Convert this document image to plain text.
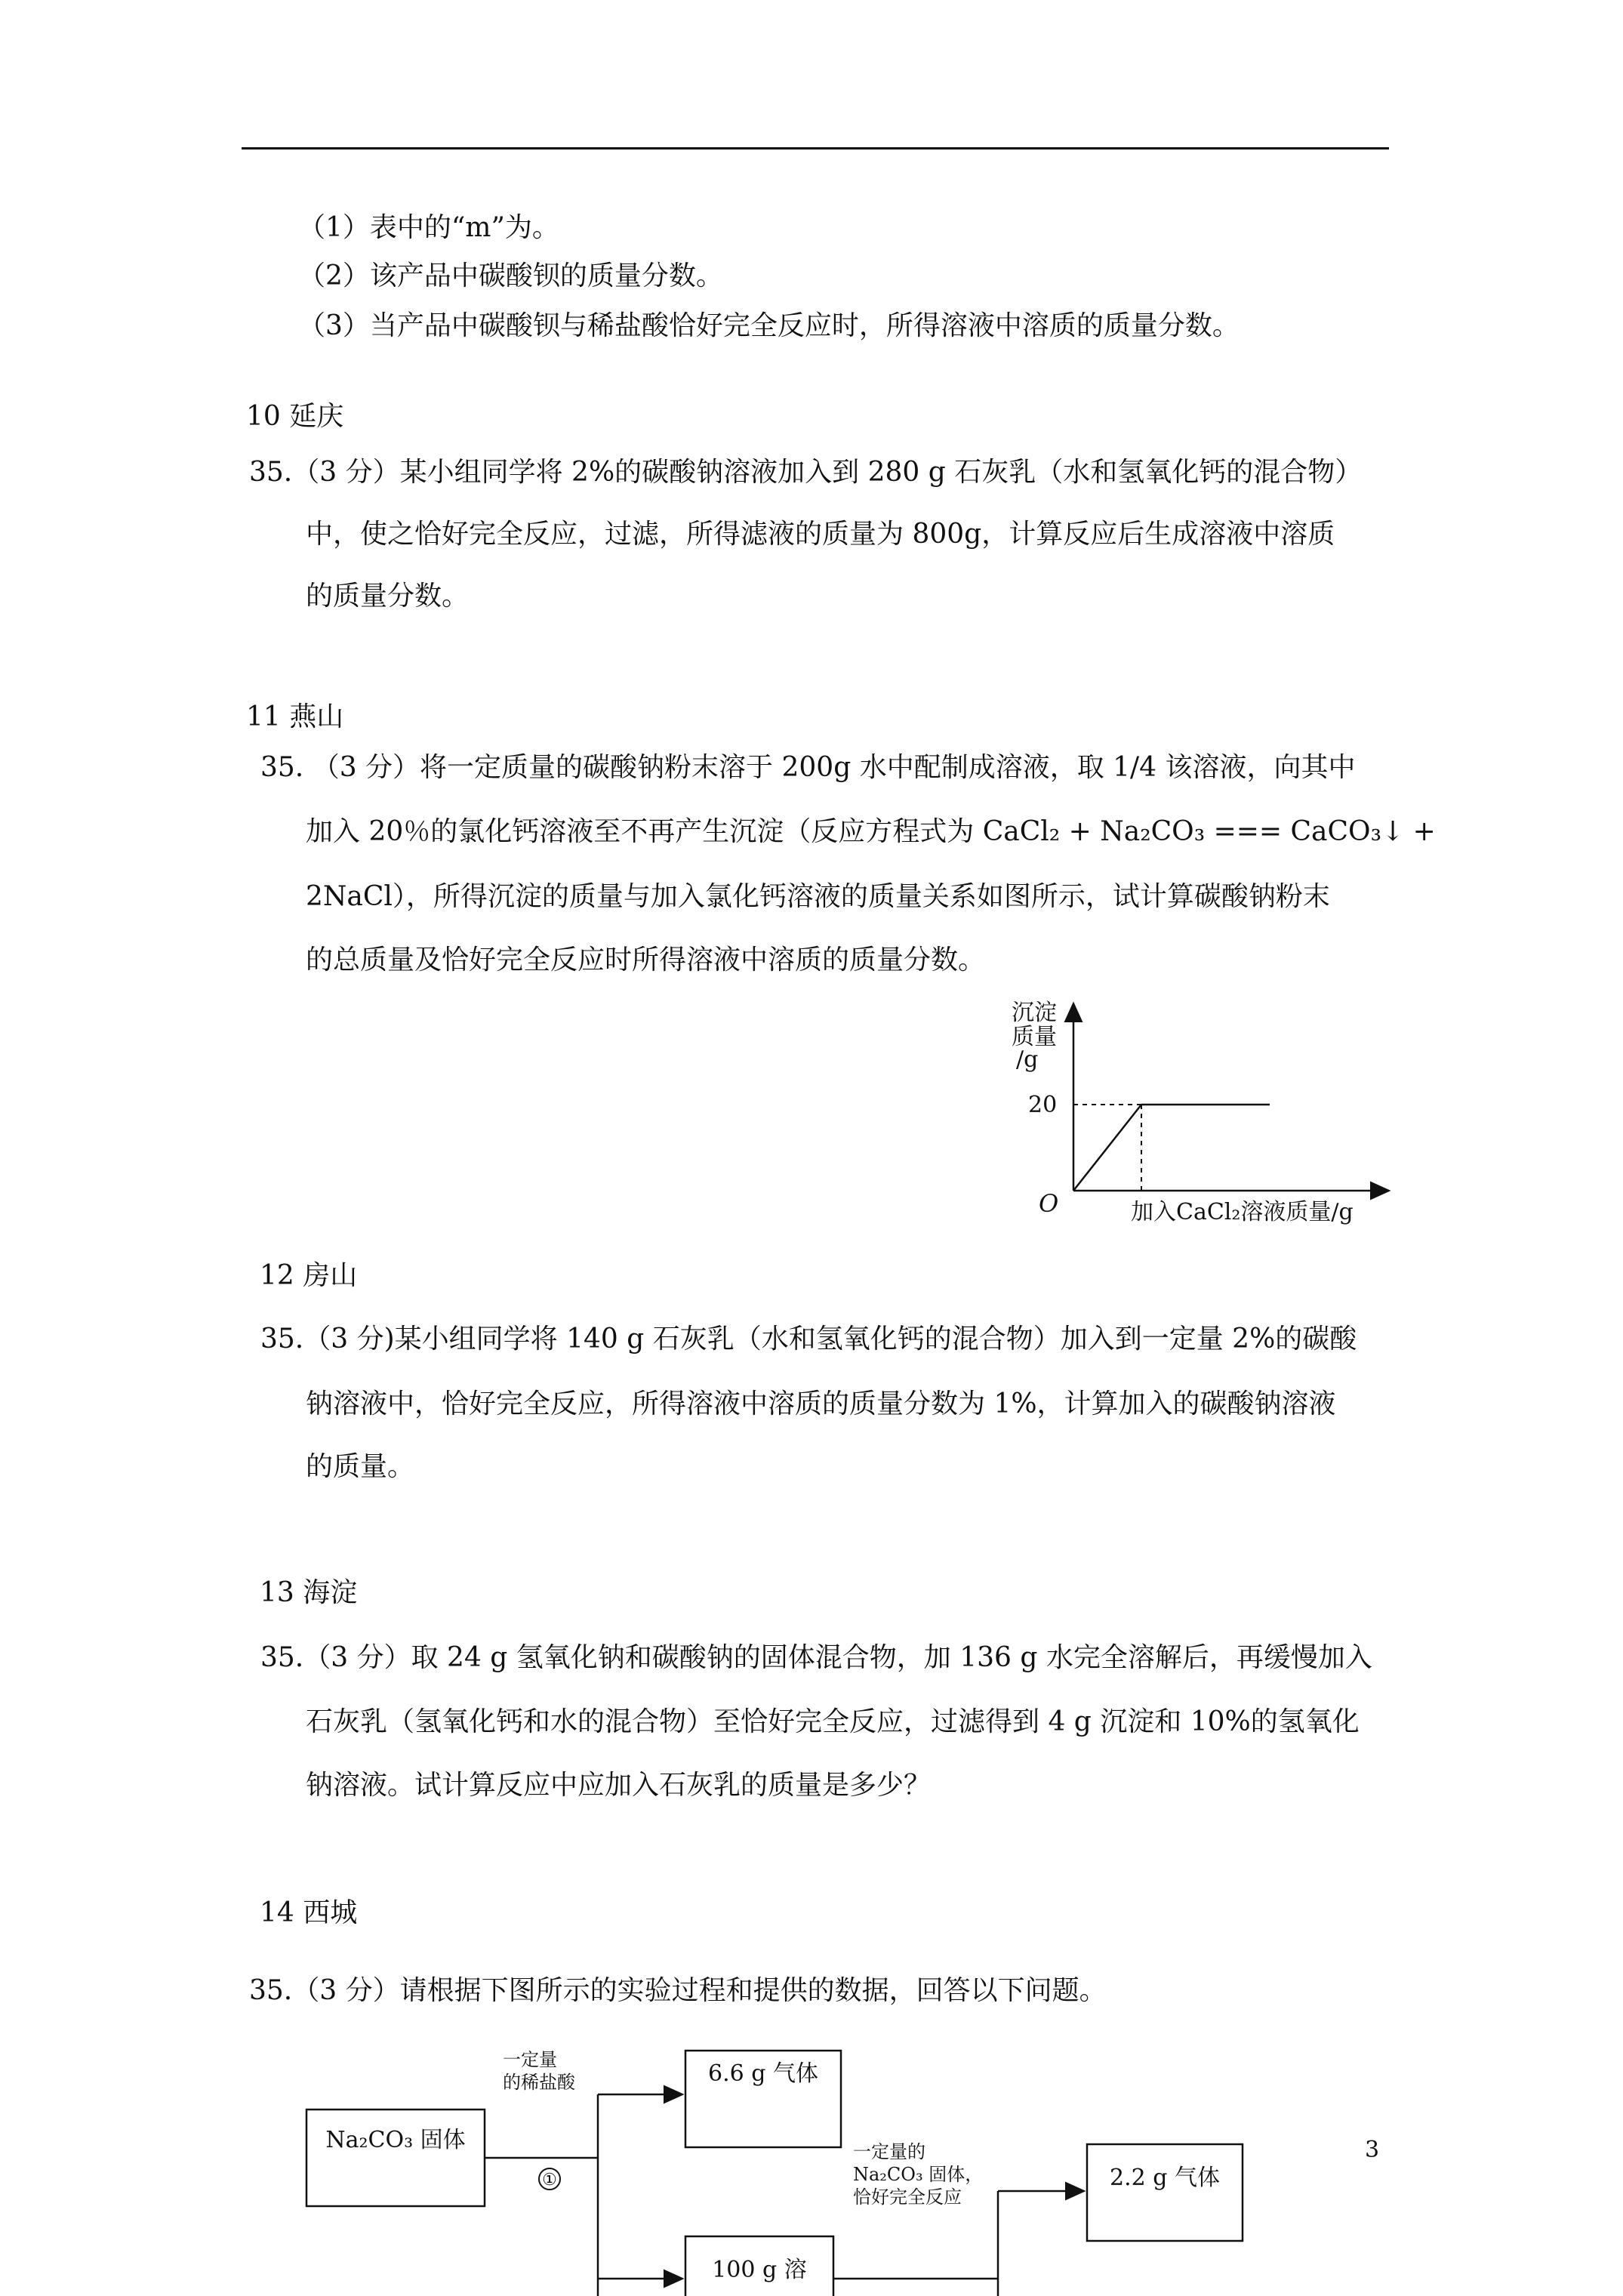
（1）表中的“m”为。
（2）该产品中碳酸钡的质量分数。
（3）当产品中碳酸钡与稀盐酸恰好完全反应时，所得溶液中溶质的质量分数。
10 延庆
35.（3 分）某小组同学将 2%的碳酸钠溶液加入到 280 g 石灰乳（水和氢氧化钙的混合物）
中，使之恰好完全反应，过滤，所得滤液的质量为 800g，计算反应后生成溶液中溶质
的质量分数。
11 燕山
35. （3 分）将一定质量的碳酸钠粉末溶于 200g 水中配制成溶液，取 1/4 该溶液，向其中
加入 20％的氯化钙溶液至不再产生沉淀（反应方程式为 CaCl₂ + Na₂CO₃ === CaCO₃↓ +
2NaCl），所得沉淀的质量与加入氯化钙溶液的质量关系如图所示，试计算碳酸钠粉末
的总质量及恰好完全反应时所得溶液中溶质的质量分数。
沉淀
质量
/g
20
O	加入CaCl₂溶液质量/g
12 房山
35.（3 分)某小组同学将 140 g 石灰乳（水和氢氧化钙的混合物）加入到一定量 2%的碳酸
钠溶液中，恰好完全反应，所得溶液中溶质的质量分数为 1%，计算加入的碳酸钠溶液
的质量。
13 海淀
35.（3 分）取 24 g 氢氧化钠和碳酸钠的固体混合物，加 136 g 水完全溶解后，再缓慢加入
石灰乳（氢氧化钙和水的混合物）至恰好完全反应，过滤得到 4 g 沉淀和 10%的氢氧化
钠溶液。试计算反应中应加入石灰乳的质量是多少？
14 西城
35.（3 分）请根据下图所示的实验过程和提供的数据，回答以下问题。
Na₂CO₃ 固体
一定量
的稀盐酸
①
6.6 g 气体
100 g 溶
一定量的
Na₂CO₃ 固体，
恰好完全反应
2.2 g 气体
3
